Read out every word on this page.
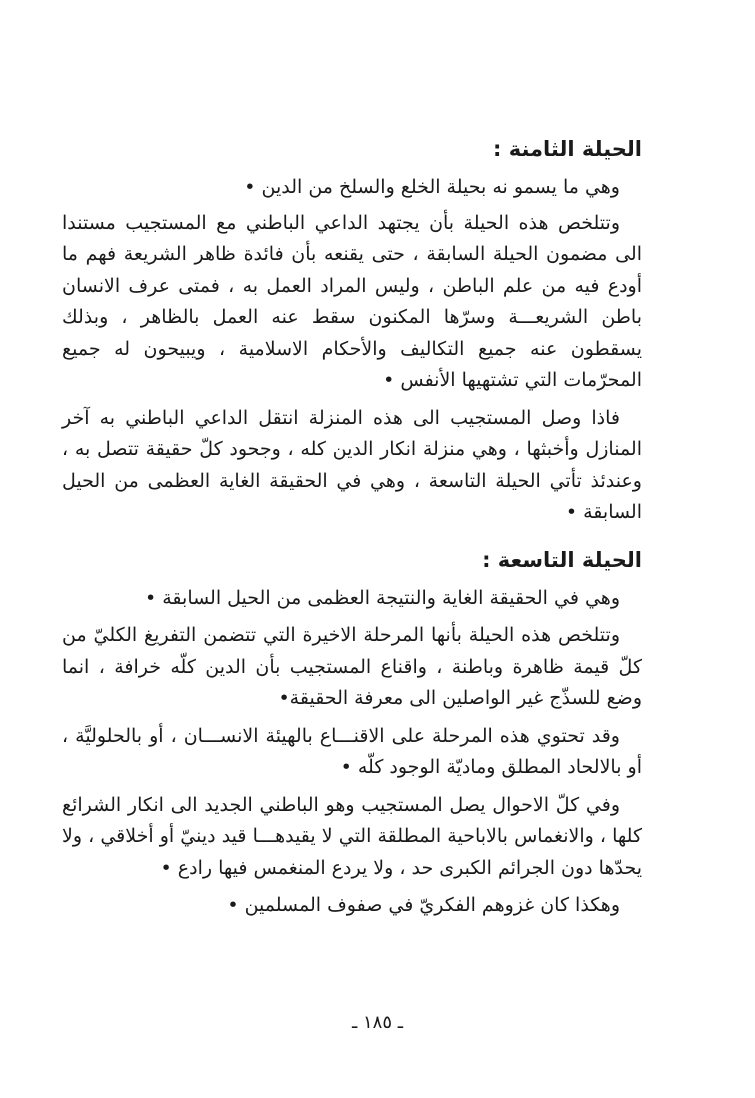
الحيلة الثامنة :

وهي ما يسمو نه بحيلة الخلع والسلخ من الدين •

وتتلخص هذه الحيلة بأن يجتهد الداعي الباطني مع المستجيب مستندا الى مضمون الحيلة السابقة ، حتى يقنعه بأن فائدة ظاهر الشريعة فهم ما أودع فيه من علم الباطن ، وليس المراد العمل به ، فمتى عرف الانسان باطن الشريعـــة وسرّها المكنون سقط عنه العمل بالظاهر ، وبذلك يسقطون عنه جميع التكاليف والأحكام الاسلامية ، ويبيحون له جميع المحرّمات التي تشتهيها الأنفس •

فاذا وصل المستجيب الى هذه المنزلة انتقل الداعي الباطني به آخر المنازل وأخبثها ، وهي منزلة انكار الدين كله ، وجحود كلّ حقيقة تتصل به ، وعندئذ تأتي الحيلة التاسعة ، وهي في الحقيقة الغاية العظمى من الحيل السابقة •

الحيلة التاسعة :

وهي في الحقيقة الغاية والنتيجة العظمى من الحيل السابقة •

وتتلخص هذه الحيلة بأنها المرحلة الاخيرة التي تتضمن التفريغ الكليّ من كلّ قيمة ظاهرة وباطنة ، واقناع المستجيب بأن الدين كلّه خرافة ، انما وضع للسذّج غير الواصلين الى معرفة الحقيقة•

وقد تحتوي هذه المرحلة على الاقنـــاع بالهيئة الانســـان ، أو بالحلوليَّة ، أو بالالحاد المطلق وماديّة الوجود كلّه •

وفي كلّ الاحوال يصل المستجيب وهو الباطني الجديد الى انكار الشرائع كلها ، والانغماس بالاباحية المطلقة التي لا يقيدهـــا قيد دينيّ أو أخلاقي ، ولا يحدّها دون الجرائم الكبرى حد ، ولا يردع المنغمس فيها رادع •

وهكذا كان غزوهم الفكريّ في صفوف المسلمين •

ـ ١٨٥ ـ
